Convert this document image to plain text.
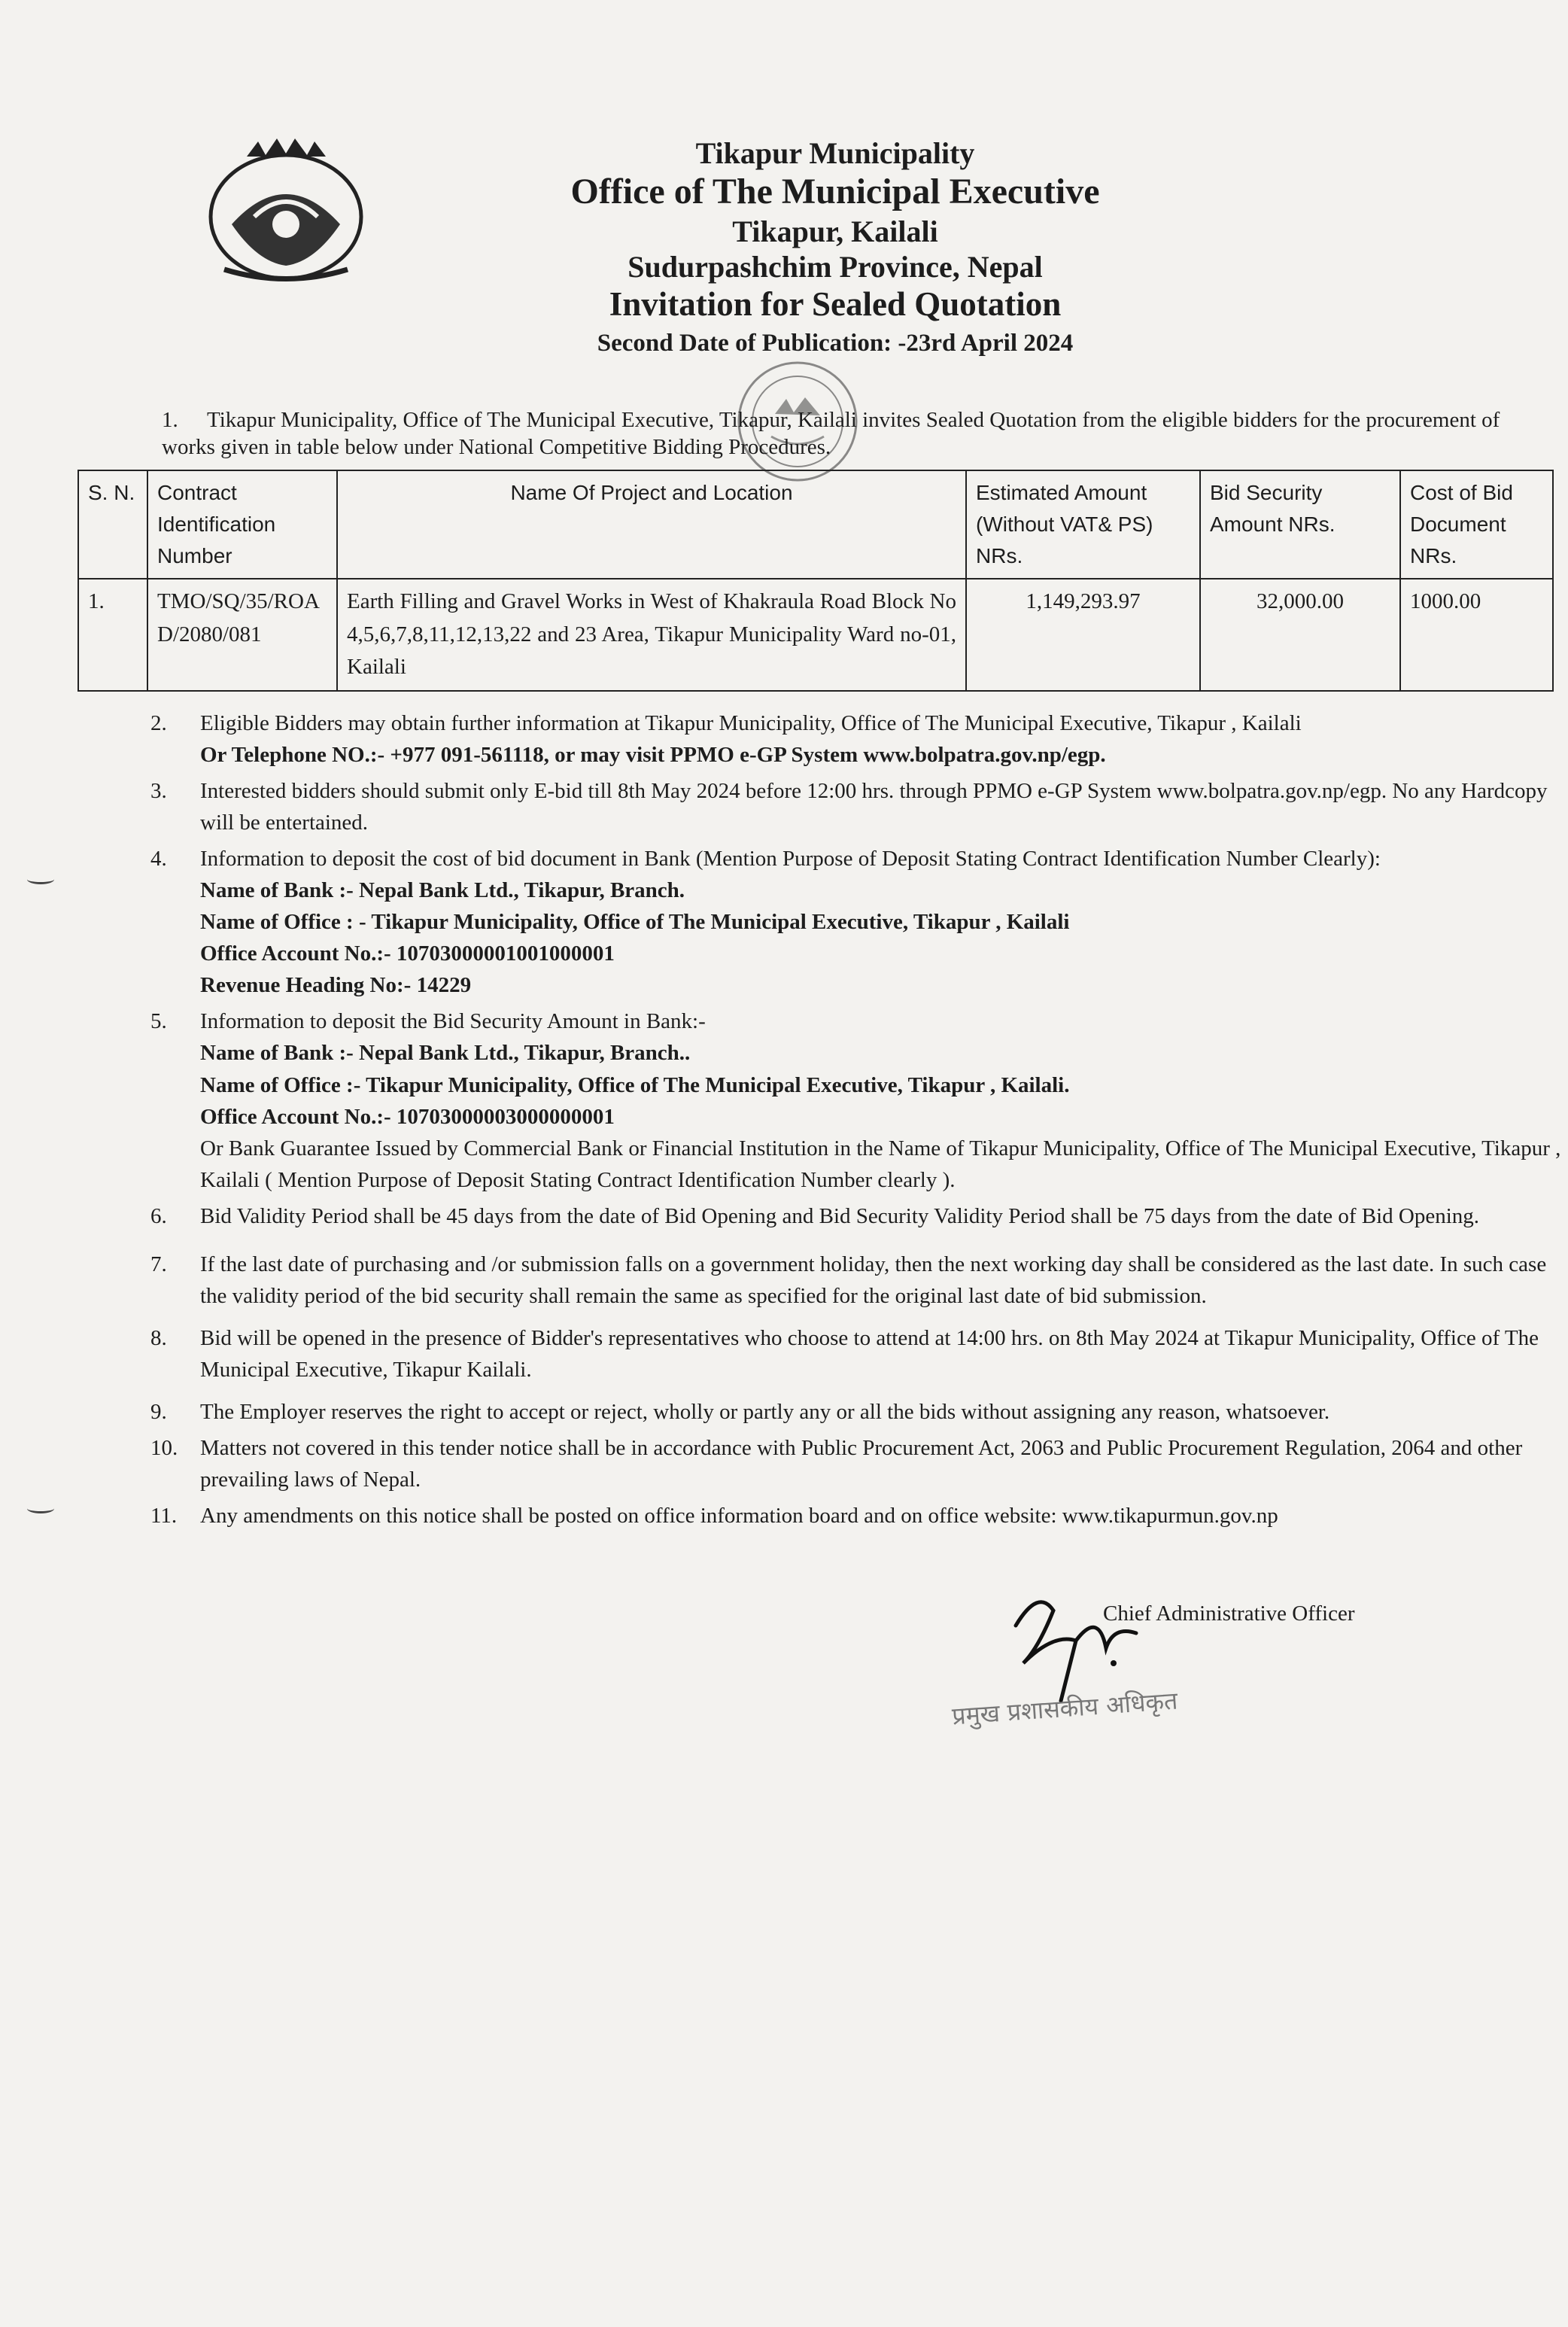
Tikapur Municipality
Office of The Municipal Executive
Tikapur, Kailali
Sudurpashchim Province, Nepal
Invitation for Sealed Quotation
Second Date of Publication: -23rd April 2024
1. Tikapur Municipality, Office of The Municipal Executive, Tikapur, Kailali invites Sealed Quotation from the eligible bidders for the procurement of works given in table below under National Competitive Bidding Procedures.
S. N.	Contract Identification Number	Name Of Project and Location	Estimated Amount (Without VAT& PS) NRs.	Bid Security Amount NRs.	Cost of Bid Document NRs.
1.	TMO/SQ/35/ROAD/2080/081	Earth Filling and Gravel Works in West of Khakraula Road Block No 4,5,6,7,8,11,12,13,22 and 23 Area, Tikapur Municipality Ward no-01, Kailali	1,149,293.97	32,000.00	1000.00
2. Eligible Bidders may obtain further information at Tikapur Municipality, Office of The Municipal Executive, Tikapur , Kailali
Or Telephone NO.:- +977 091-561118, or may visit PPMO e-GP System www.bolpatra.gov.np/egp.
3. Interested bidders should submit only E-bid till 8th May 2024 before 12:00 hrs. through PPMO e-GP System www.bolpatra.gov.np/egp. No any Hardcopy will be entertained.
4. Information to deposit the cost of bid document in Bank (Mention Purpose of Deposit Stating Contract Identification Number Clearly):
Name of Bank :- Nepal Bank Ltd., Tikapur, Branch.
Name of Office : - Tikapur Municipality, Office of The Municipal Executive, Tikapur , Kailali
Office Account No.:- 10703000001001000001
Revenue Heading No:- 14229
5. Information to deposit the Bid Security Amount in Bank:-
Name of Bank :- Nepal Bank Ltd., Tikapur, Branch..
Name of Office :- Tikapur Municipality, Office of The Municipal Executive, Tikapur , Kailali.
Office Account No.:- 10703000003000000001
Or Bank Guarantee Issued by Commercial Bank or Financial Institution in the Name of Tikapur Municipality, Office of The Municipal Executive, Tikapur , Kailali ( Mention Purpose of Deposit Stating Contract Identification Number clearly ).
6. Bid Validity Period shall be 45 days from the date of Bid Opening and Bid Security Validity Period shall be 75 days from the date of Bid Opening.
7. If the last date of purchasing and /or submission falls on a government holiday, then the next working day shall be considered as the last date. In such case the validity period of the bid security shall remain the same as specified for the original last date of bid submission.
8. Bid will be opened in the presence of Bidder's representatives who choose to attend at 14:00 hrs. on 8th May 2024 at Tikapur Municipality, Office of The Municipal Executive, Tikapur Kailali.
9. The Employer reserves the right to accept or reject, wholly or partly any or all the bids without assigning any reason, whatsoever.
10. Matters not covered in this tender notice shall be in accordance with Public Procurement Act, 2063 and Public Procurement Regulation, 2064 and other prevailing laws of Nepal.
11. Any amendments on this notice shall be posted on office information board and on office website: www.tikapurmun.gov.np
Chief Administrative Officer
प्रमुख प्रशासकीय अधिकृत
